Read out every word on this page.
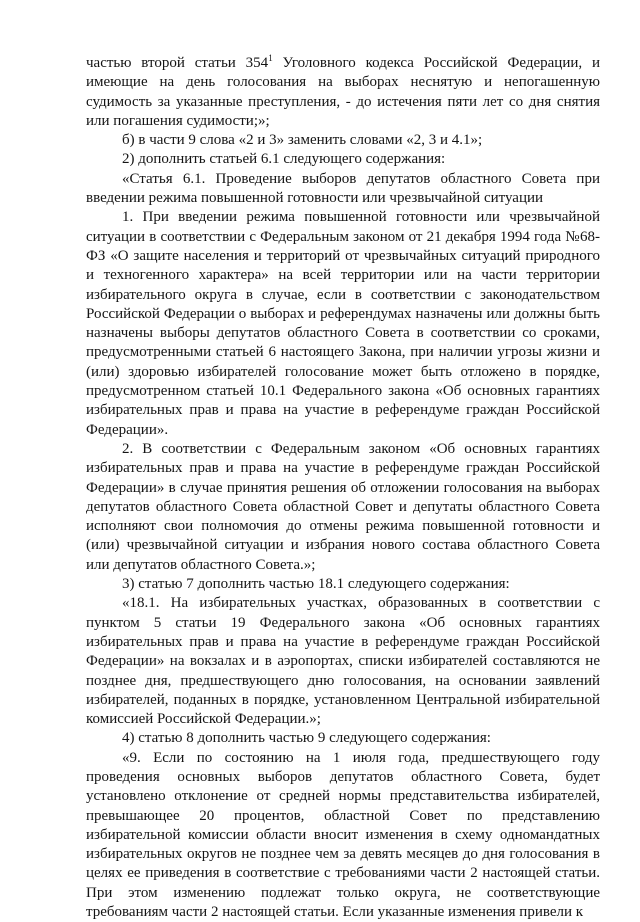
частью второй статьи $354^1$ Уголовного кодекса Российской Федерации, и имеющие на день голосования на выборах неснятую и непогашенную судимость за указанные преступления, - до истечения пяти лет со дня снятия или погашения судимости;»;

б) в части 9 слова «2 и 3» заменить словами «2, 3 и 4.1»;

2) дополнить статьей 6.1 следующего содержания:

«Статья 6.1. Проведение выборов депутатов областного Совета при введении режима повышенной готовности или чрезвычайной ситуации

1. При введении режима повышенной готовности или чрезвычайной ситуации в соответствии с Федеральным законом от 21 декабря 1994 года №68-ФЗ «О защите населения и территорий от чрезвычайных ситуаций природного и техногенного характера» на всей территории или на части территории избирательного округа в случае, если в соответствии с законодательством Российской Федерации о выборах и референдумах назначены или должны быть назначены выборы депутатов областного Совета в соответствии со сроками, предусмотренными статьей 6 настоящего Закона, при наличии угрозы жизни и (или) здоровью избирателей голосование может быть отложено в порядке, предусмотренном статьей 10.1 Федерального закона «Об основных гарантиях избирательных прав и права на участие в референдуме граждан Российской Федерации».

2. В соответствии с Федеральным законом «Об основных гарантиях избирательных прав и права на участие в референдуме граждан Российской Федерации» в случае принятия решения об отложении голосования на выборах депутатов областного Совета областной Совет и депутаты областного Совета исполняют свои полномочия до отмены режима повышенной готовности и (или) чрезвычайной ситуации и избрания нового состава областного Совета или депутатов областного Совета.»;

3) статью 7 дополнить частью 18.1 следующего содержания:

«18.1. На избирательных участках, образованных в соответствии с пунктом 5 статьи 19 Федерального закона «Об основных гарантиях избирательных прав и права на участие в референдуме граждан Российской Федерации» на вокзалах и в аэропортах, списки избирателей составляются не позднее дня, предшествующего дню голосования, на основании заявлений избирателей, поданных в порядке, установленном Центральной избирательной комиссией Российской Федерации.»;

4) статью 8 дополнить частью 9 следующего содержания:

«9. Если по состоянию на 1 июля года, предшествующего году проведения основных выборов депутатов областного Совета, будет установлено отклонение от средней нормы представительства избирателей, превышающее 20 процентов, областной Совет по представлению избирательной комиссии области вносит изменения в схему одномандатных избирательных округов не позднее чем за девять месяцев до дня голосования в целях ее приведения в соответствие с требованиями части 2 настоящей статьи. При этом изменению подлежат только округа, не соответствующие требованиям части 2 настоящей статьи. Если указанные изменения привели к
